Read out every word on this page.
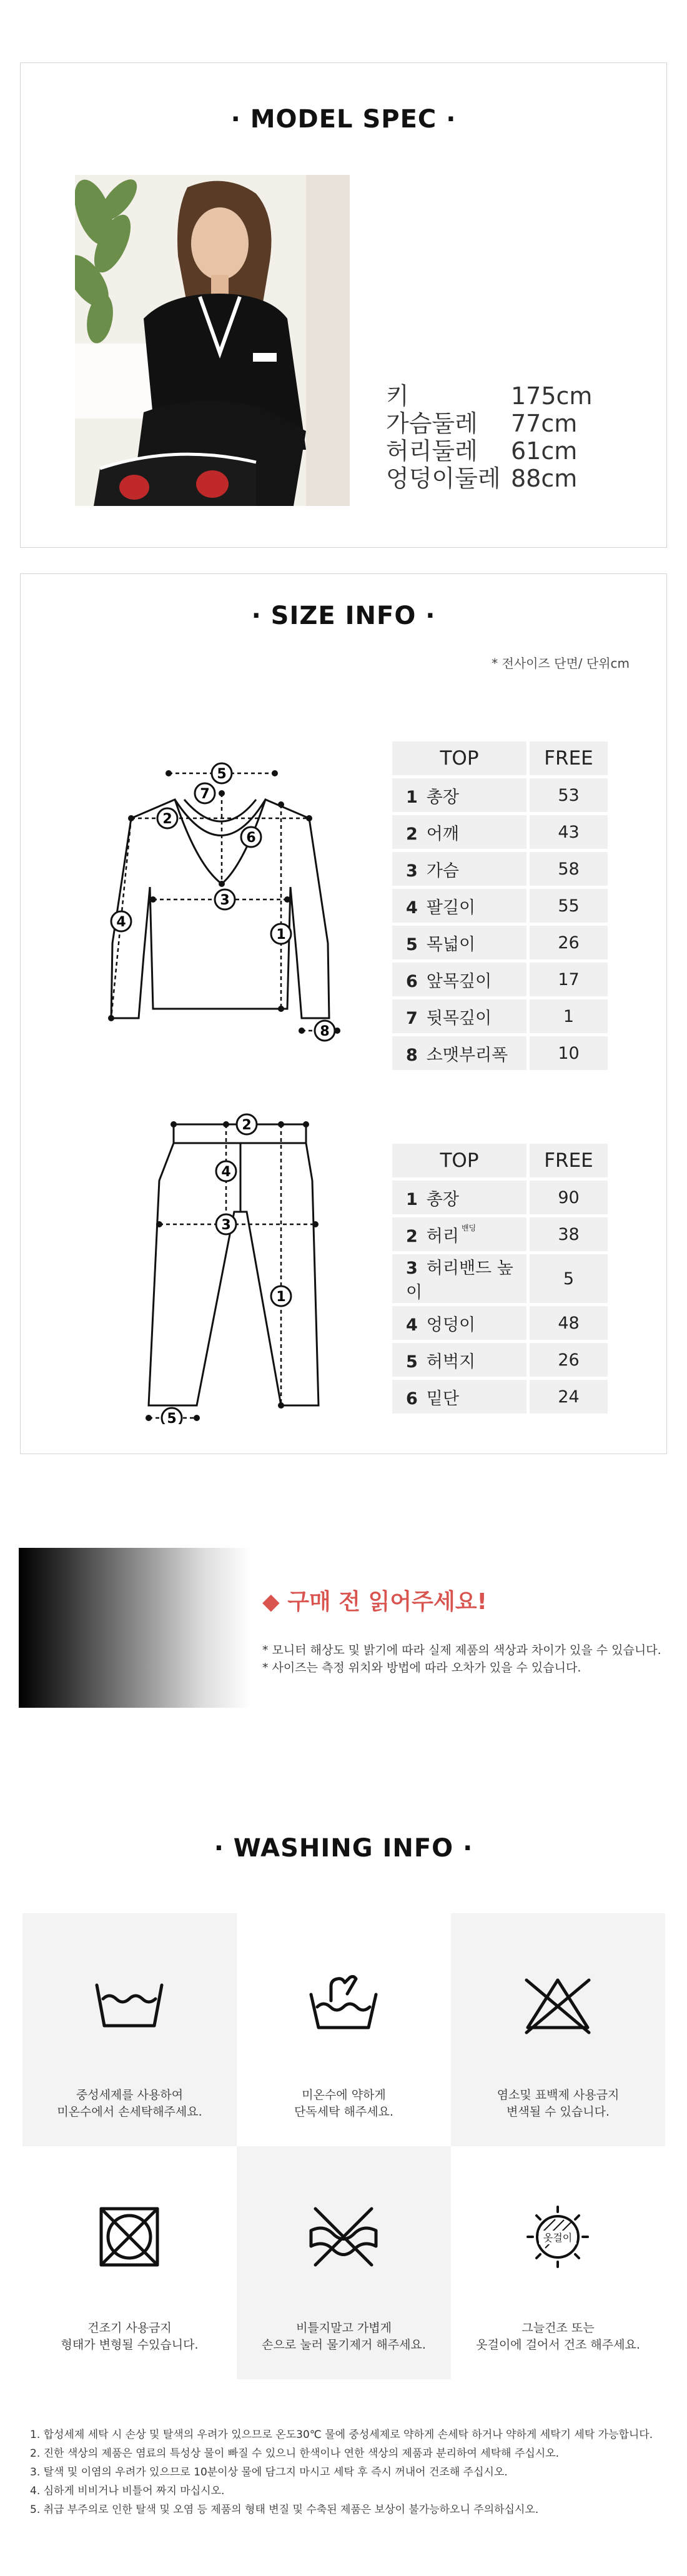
· MODEL SPEC ·
키	175cm
가슴둘레 77cm
허리둘레 61cm
엉덩이둘레 88cm
· SIZE INFO ·
* 전사이즈 단면/ 단위cm
5
2
7
6
3
4
1
8
TOP	FREE
1 총장	53
2 어깨	43
3 가슴	58
4 팔길이	55
5 목넓이	26
6 앞목깊이	17
7 뒷목깊이	1
8 소맷부리폭	10
2
4
3
1
5
TOP	FREE
1 총장	90
2 허리 $^{밴딩}$	38
3 허리밴드 높이	5
4 엉덩이	48
5 허벅지	26
6 밑단	24
◆ 구매 전 읽어주세요!
* 모니터 해상도 및 밝기에 따라 실제 제품의 색상과 차이가 있을 수 있습니다.
* 사이즈는 측정 위치와 방법에 따라 오차가 있을 수 있습니다.
· WASHING INFO ·
중성세제를 사용하여
미온수에서 손세탁해주세요.
미온수에 약하게
단독세탁 해주세요.
염소및 표백제 사용금지
변색될 수 있습니다.
건조기 사용금지
형태가 변형될 수있습니다.
비틀지말고 가볍게
손으로 눌러 물기제거 해주세요.
옷걸이
그늘건조 또는
옷걸이에 걸어서 건조 해주세요.
1. 합성세제 세탁 시 손상 및 탈색의 우려가 있으므로 온도30℃ 물에 중성세제로 약하게 손세탁 하거나 약하게 세탁기 세탁 가능합니다.
2. 진한 색상의 제품은 염료의 특성상 물이 빠질 수 있으니 한색이나 연한 색상의 제품과 분리하여 세탁해 주십시오.
3. 탈색 및 이염의 우려가 있으므로 10분이상 물에 담그지 마시고 세탁 후 즉시 꺼내어 건조해 주십시오.
4. 심하게 비비거나 비틀어 짜지 마십시오.
5. 취급 부주의로 인한 탈색 및 오염 등 제품의 형태 변질 및 수축된 제품은 보상이 불가능하오니 주의하십시오.
